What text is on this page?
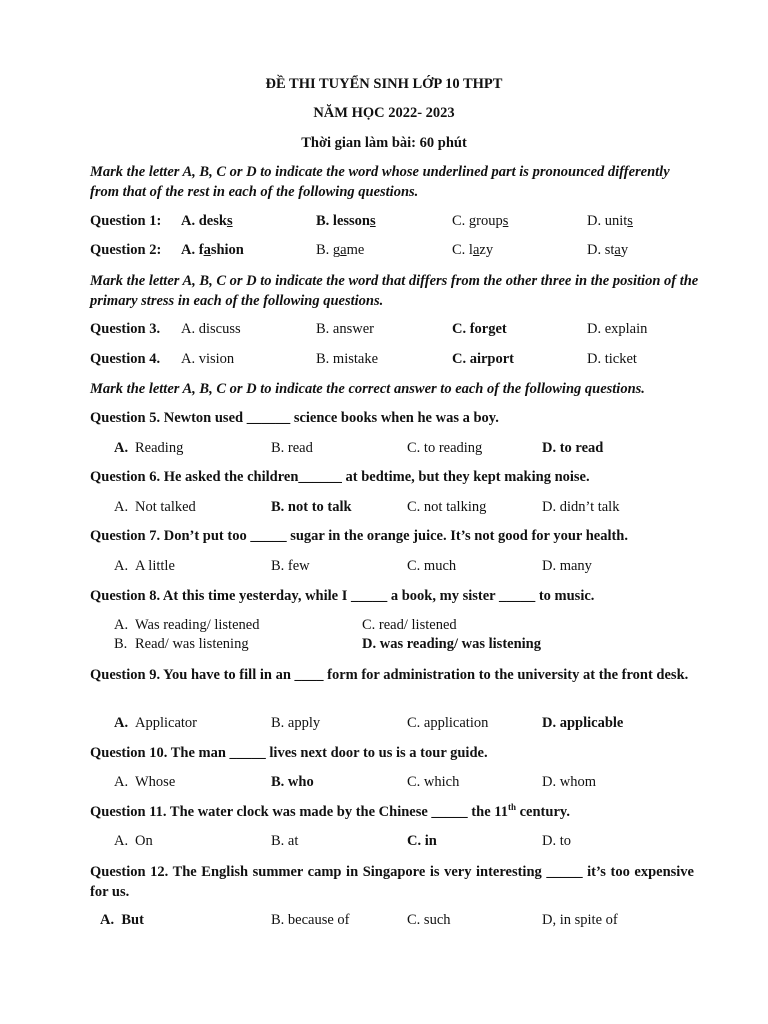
ĐỀ THI TUYỂN SINH LỚP 10 THPT
NĂM HỌC 2022- 2023
Thời gian làm bài: 60 phút
Mark the letter A, B, C or D to indicate the word whose underlined part is pronounced differently from that of the rest in each of the following questions.
Question 1: A. desks	B. lessons	C. groups	D. units
Question 2: A. fashion	B. game	C. lazy	D. stay
Mark the letter A, B, C or D to indicate the word that differs from the other three in the position of the primary stress in each of the following questions.
Question 3. A. discuss	B. answer	C. forget	D. explain
Question 4. A. vision	B. mistake	C. airport	D. ticket
Mark the letter A, B, C or D to indicate the correct answer to each of the following questions.
Question 5. Newton used ______ science books when he was a boy.
A. Reading	B. read	C. to reading	D. to read
Question 6. He asked the children______ at bedtime, but they kept making noise.
A. Not talked	B. not to talk	C. not talking	D. didn’t talk
Question 7. Don’t put too _____ sugar in the orange juice. It’s not good for your health.
A. A little	B. few	C. much	D. many
Question 8. At this time yesterday, while I _____ a book, my sister _____ to music.
A. Was reading/ listened	C. read/ listened
B. Read/ was listening	D. was reading/ was listening
Question 9. You have to fill in an ____ form for administration to the university at the front desk.
A. Applicator	B. apply	C. application	D. applicable
Question 10. The man _____ lives next door to us is a tour guide.
A. Whose	B. who	C. which	D. whom
Question 11. The water clock was made by the Chinese _____ the 11th century.
A. On	B. at	C. in	D. to
Question 12. The English summer camp in Singapore is very interesting _____ it’s too expensive for us.
A.  But	B. because of	C. such	D, in spite of
